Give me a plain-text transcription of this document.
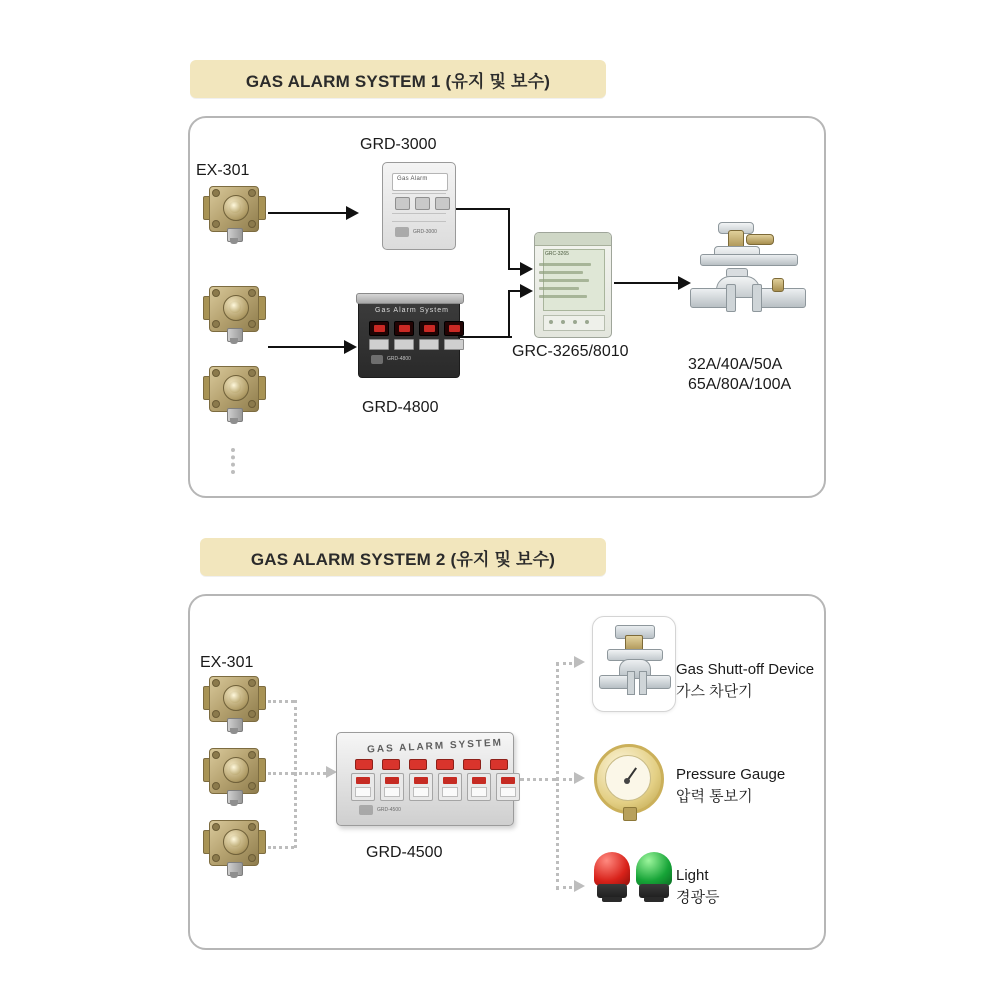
GAS ALARM SYSTEM 1 (유지 및 보수)
EX-301
GRD-3000
GRD-4800
GRC-3265/8010
32A/40A/50A
65A/80A/100A
Gas Alarm
GRD-3000
Gas Alarm System
GRD-4800
GRC-3265
GAS ALARM SYSTEM 2 (유지 및 보수)
EX-301
GRD-4500
GAS ALARM SYSTEM
GRD-4500
Gas Shutt-off Device
가스 차단기
Pressure Gauge
압력 통보기
Light
경광등
